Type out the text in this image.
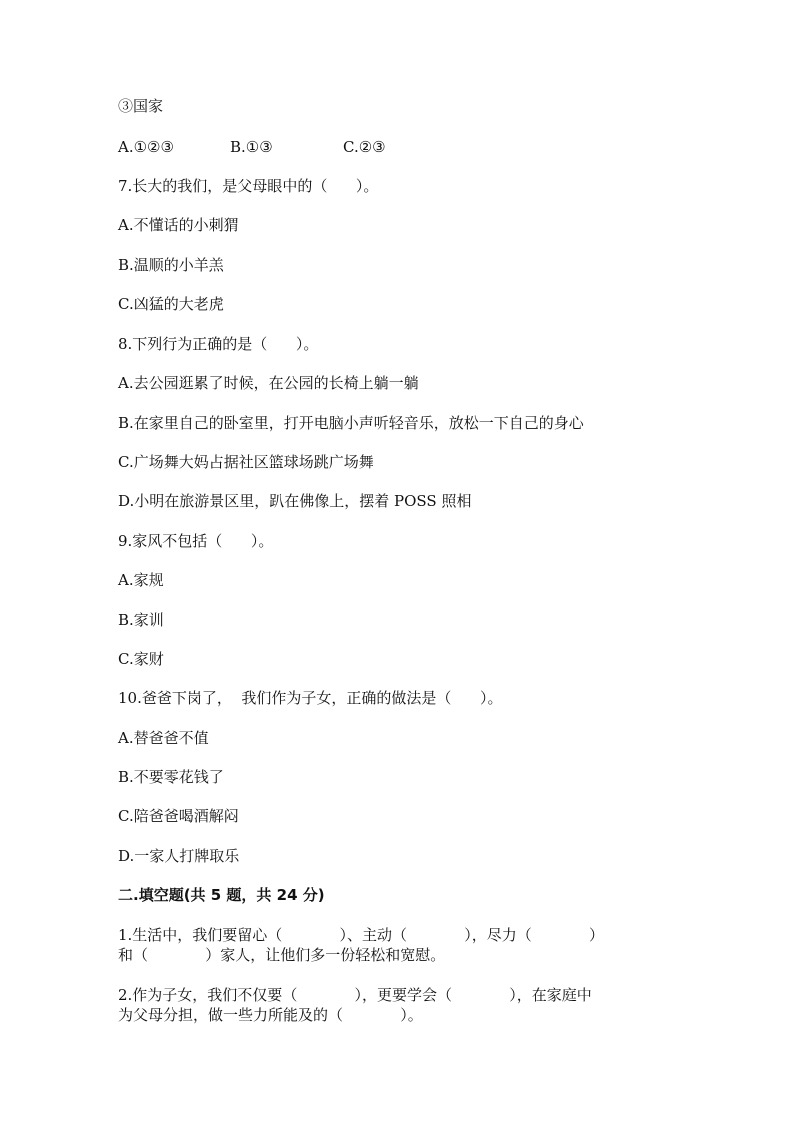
③国家

A.①②③

	B.①③

	C.②③

7.长大的我们，是父母眼中的（      ）。
A.不懂话的小刺猬
B.温顺的小羊羔
C.凶猛的大老虎
8.下列行为正确的是（      ）。
A.去公园逛累了时候，在公园的长椅上躺一躺
B.在家里自己的卧室里，打开电脑小声听轻音乐，放松一下自己的身心
C.广场舞大妈占据社区篮球场跳广场舞
D.小明在旅游景区里，趴在佛像上，摆着 POSS 照相
9.家风不包括（      ）。
A.家规
B.家训
C.家财
10.爸爸下岗了，  我们作为子女，正确的做法是（      ）。
A.替爸爸不值
B.不要零花钱了
C.陪爸爸喝酒解闷
D.一家人打牌取乐
二.填空题(共 5 题，共 24 分)
1.生活中，我们要留心（            ）、主动（            ），尽力（            ）
和（            ）家人，让他们多一份轻松和宽慰。
2.作为子女，我们不仅要（            ），更要学会（            ），在家庭中
为父母分担，做一些力所能及的（            ）。
